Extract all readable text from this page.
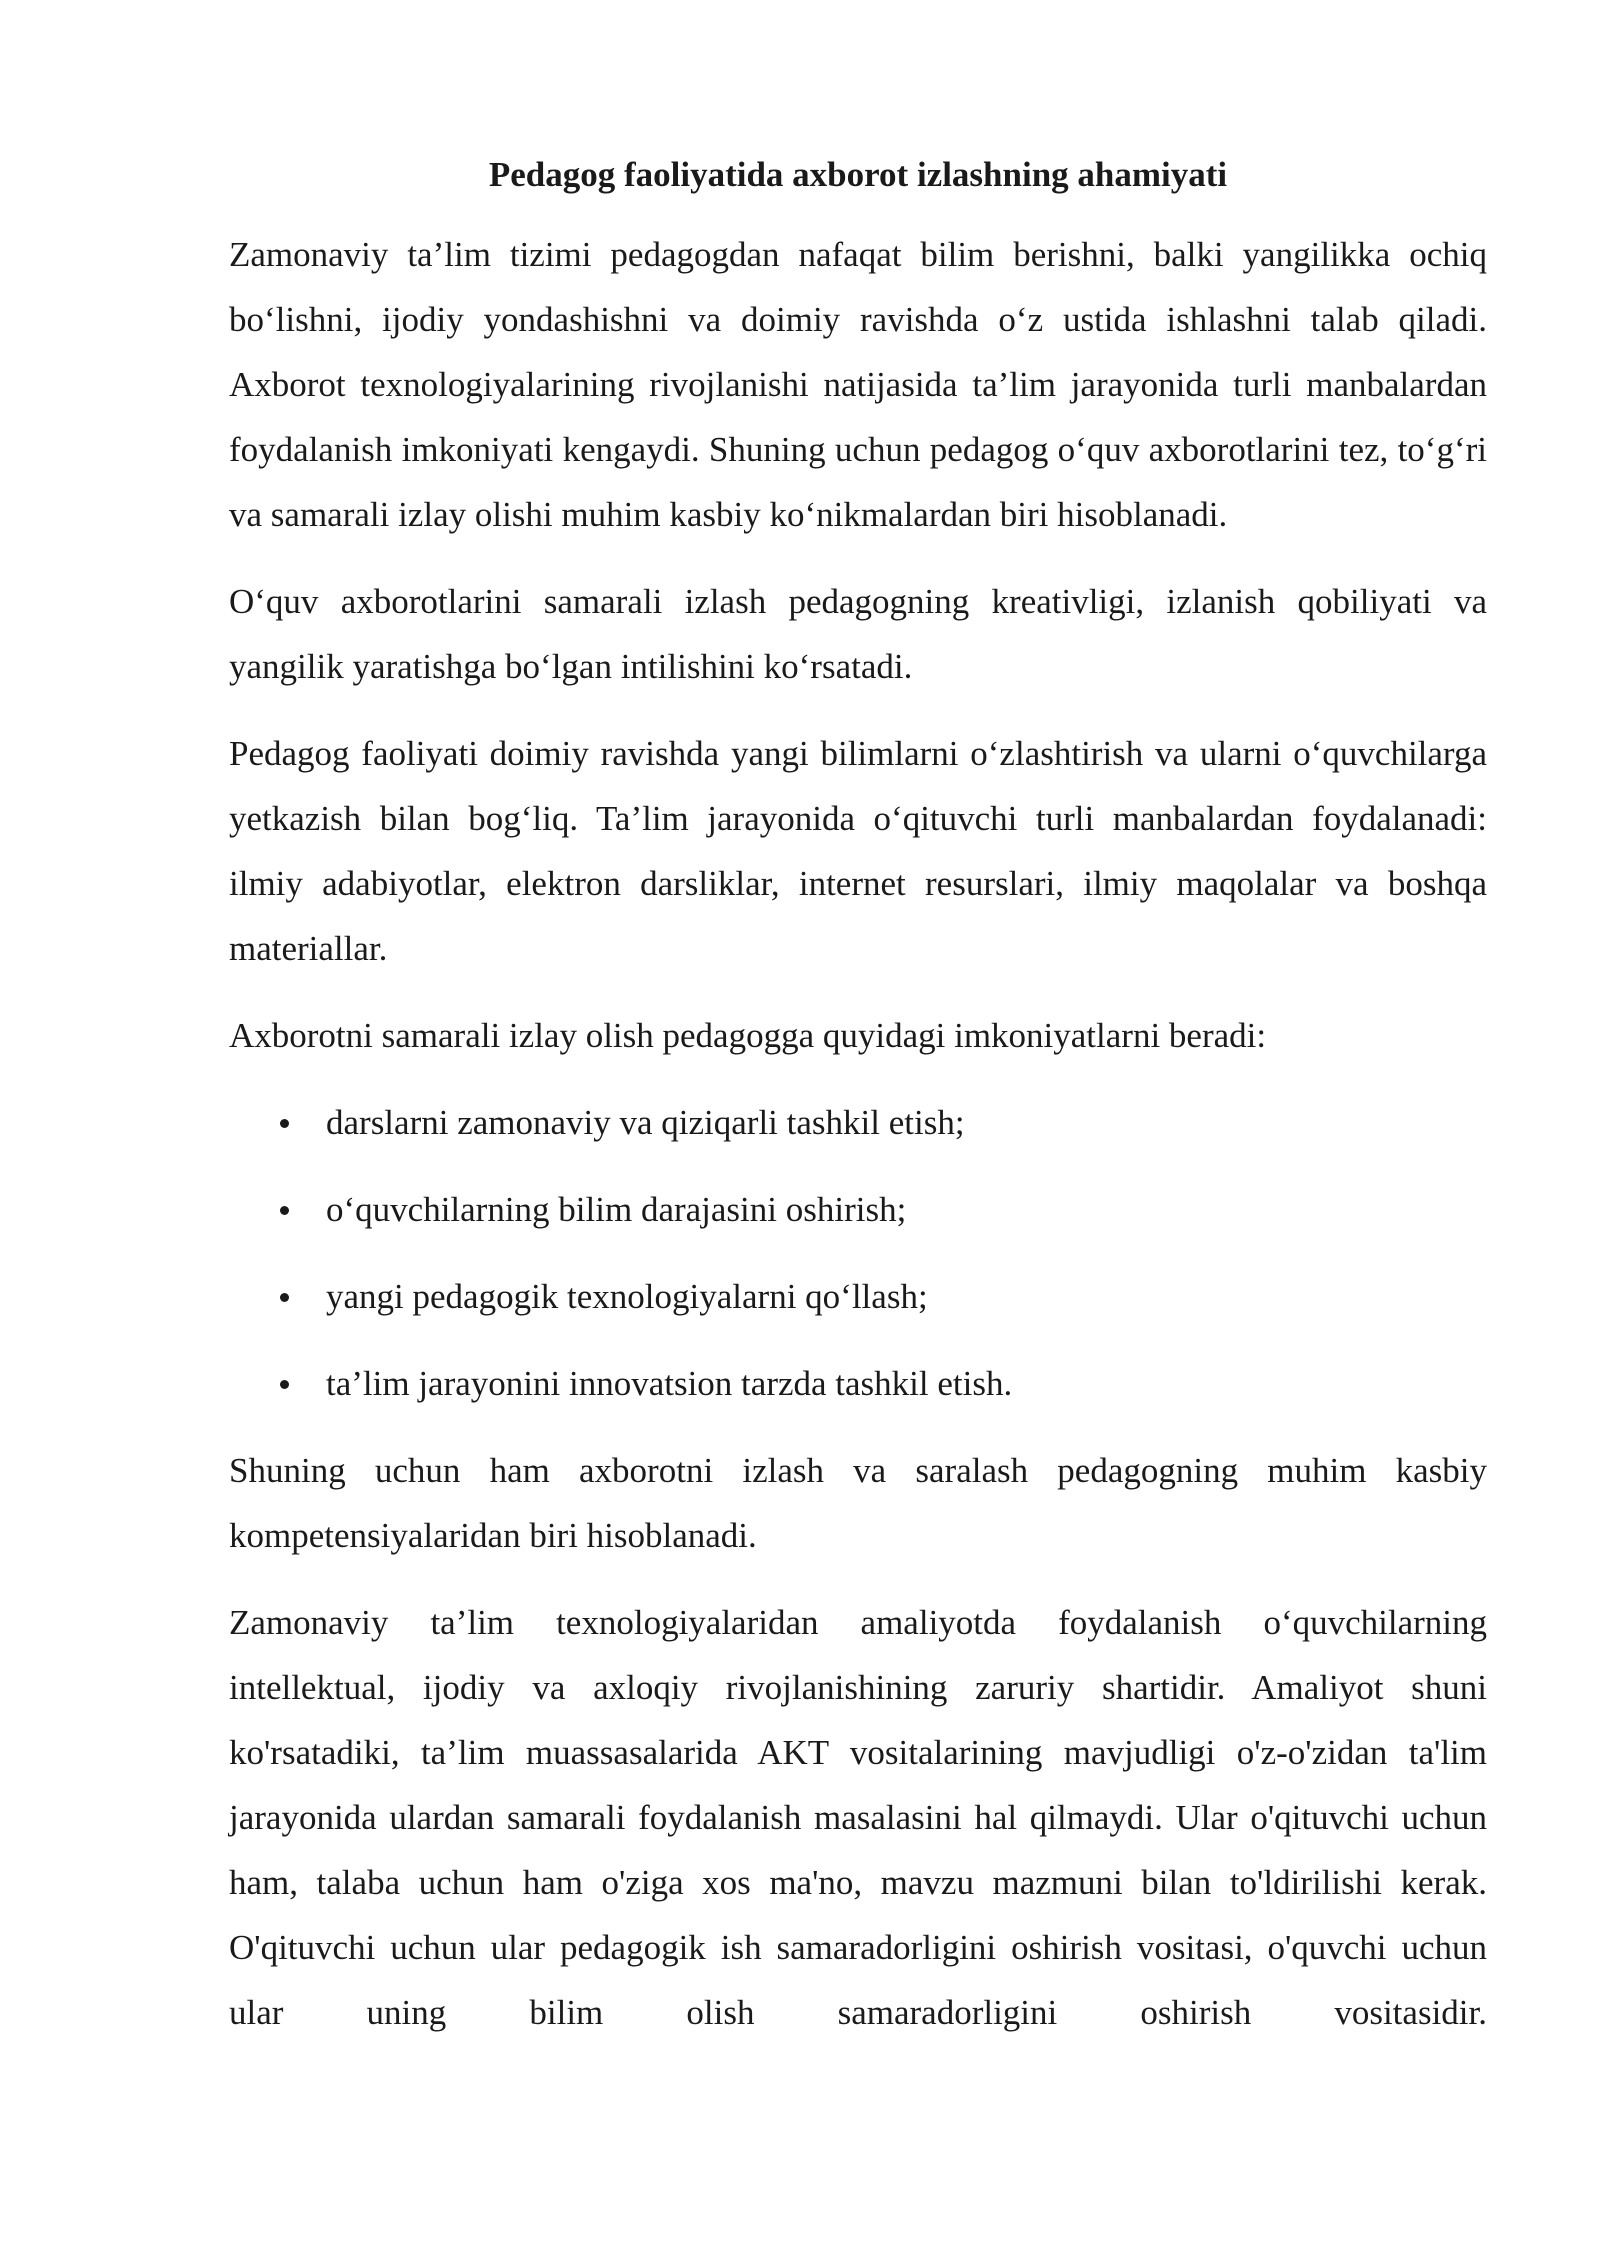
Pedagog faoliyatida axborot izlashning ahamiyati

Zamonaviy ta’lim tizimi pedagogdan nafaqat bilim berishni, balki yangilikka ochiq bo‘lishni, ijodiy yondashishni va doimiy ravishda o‘z ustida ishlashni talab qiladi. Axborot texnologiyalarining rivojlanishi natijasida ta’lim jarayonida turli manbalardan foydalanish imkoniyati kengaydi. Shuning uchun pedagog o‘quv axborotlarini tez, to‘g‘ri va samarali izlay olishi muhim kasbiy ko‘nikmalardan biri hisoblanadi.

O‘quv axborotlarini samarali izlash pedagogning kreativligi, izlanish qobiliyati va yangilik yaratishga bo‘lgan intilishini ko‘rsatadi.

Pedagog faoliyati doimiy ravishda yangi bilimlarni o‘zlashtirish va ularni o‘quvchilarga yetkazish bilan bog‘liq. Ta’lim jarayonida o‘qituvchi turli manbalardan foydalanadi: ilmiy adabiyotlar, elektron darsliklar, internet resurslari, ilmiy maqolalar va boshqa materiallar.

Axborotni samarali izlay olish pedagogga quyidagi imkoniyatlarni beradi:

darslarni zamonaviy va qiziqarli tashkil etish;
o‘quvchilarning bilim darajasini oshirish;
yangi pedagogik texnologiyalarni qo‘llash;
ta’lim jarayonini innovatsion tarzda tashkil etish.

Shuning uchun ham axborotni izlash va saralash pedagogning muhim kasbiy kompetensiyalaridan biri hisoblanadi.

Zamonaviy ta’lim texnologiyalaridan amaliyotda foydalanish o‘quvchilarning intellektual, ijodiy va axloqiy rivojlanishining zaruriy shartidir. Amaliyot shuni ko'rsatadiki, ta’lim muassasalarida AKT vositalarining mavjudligi o'z-o'zidan ta'lim jarayonida ulardan samarali foydalanish masalasini hal qilmaydi. Ular o'qituvchi uchun ham, talaba uchun ham o'ziga xos ma'no, mavzu mazmuni bilan to'ldirilishi kerak. O'qituvchi uchun ular pedagogik ish samaradorligini oshirish vositasi, o'quvchi uchun ular uning bilim olish samaradorligini oshirish vositasidir.
